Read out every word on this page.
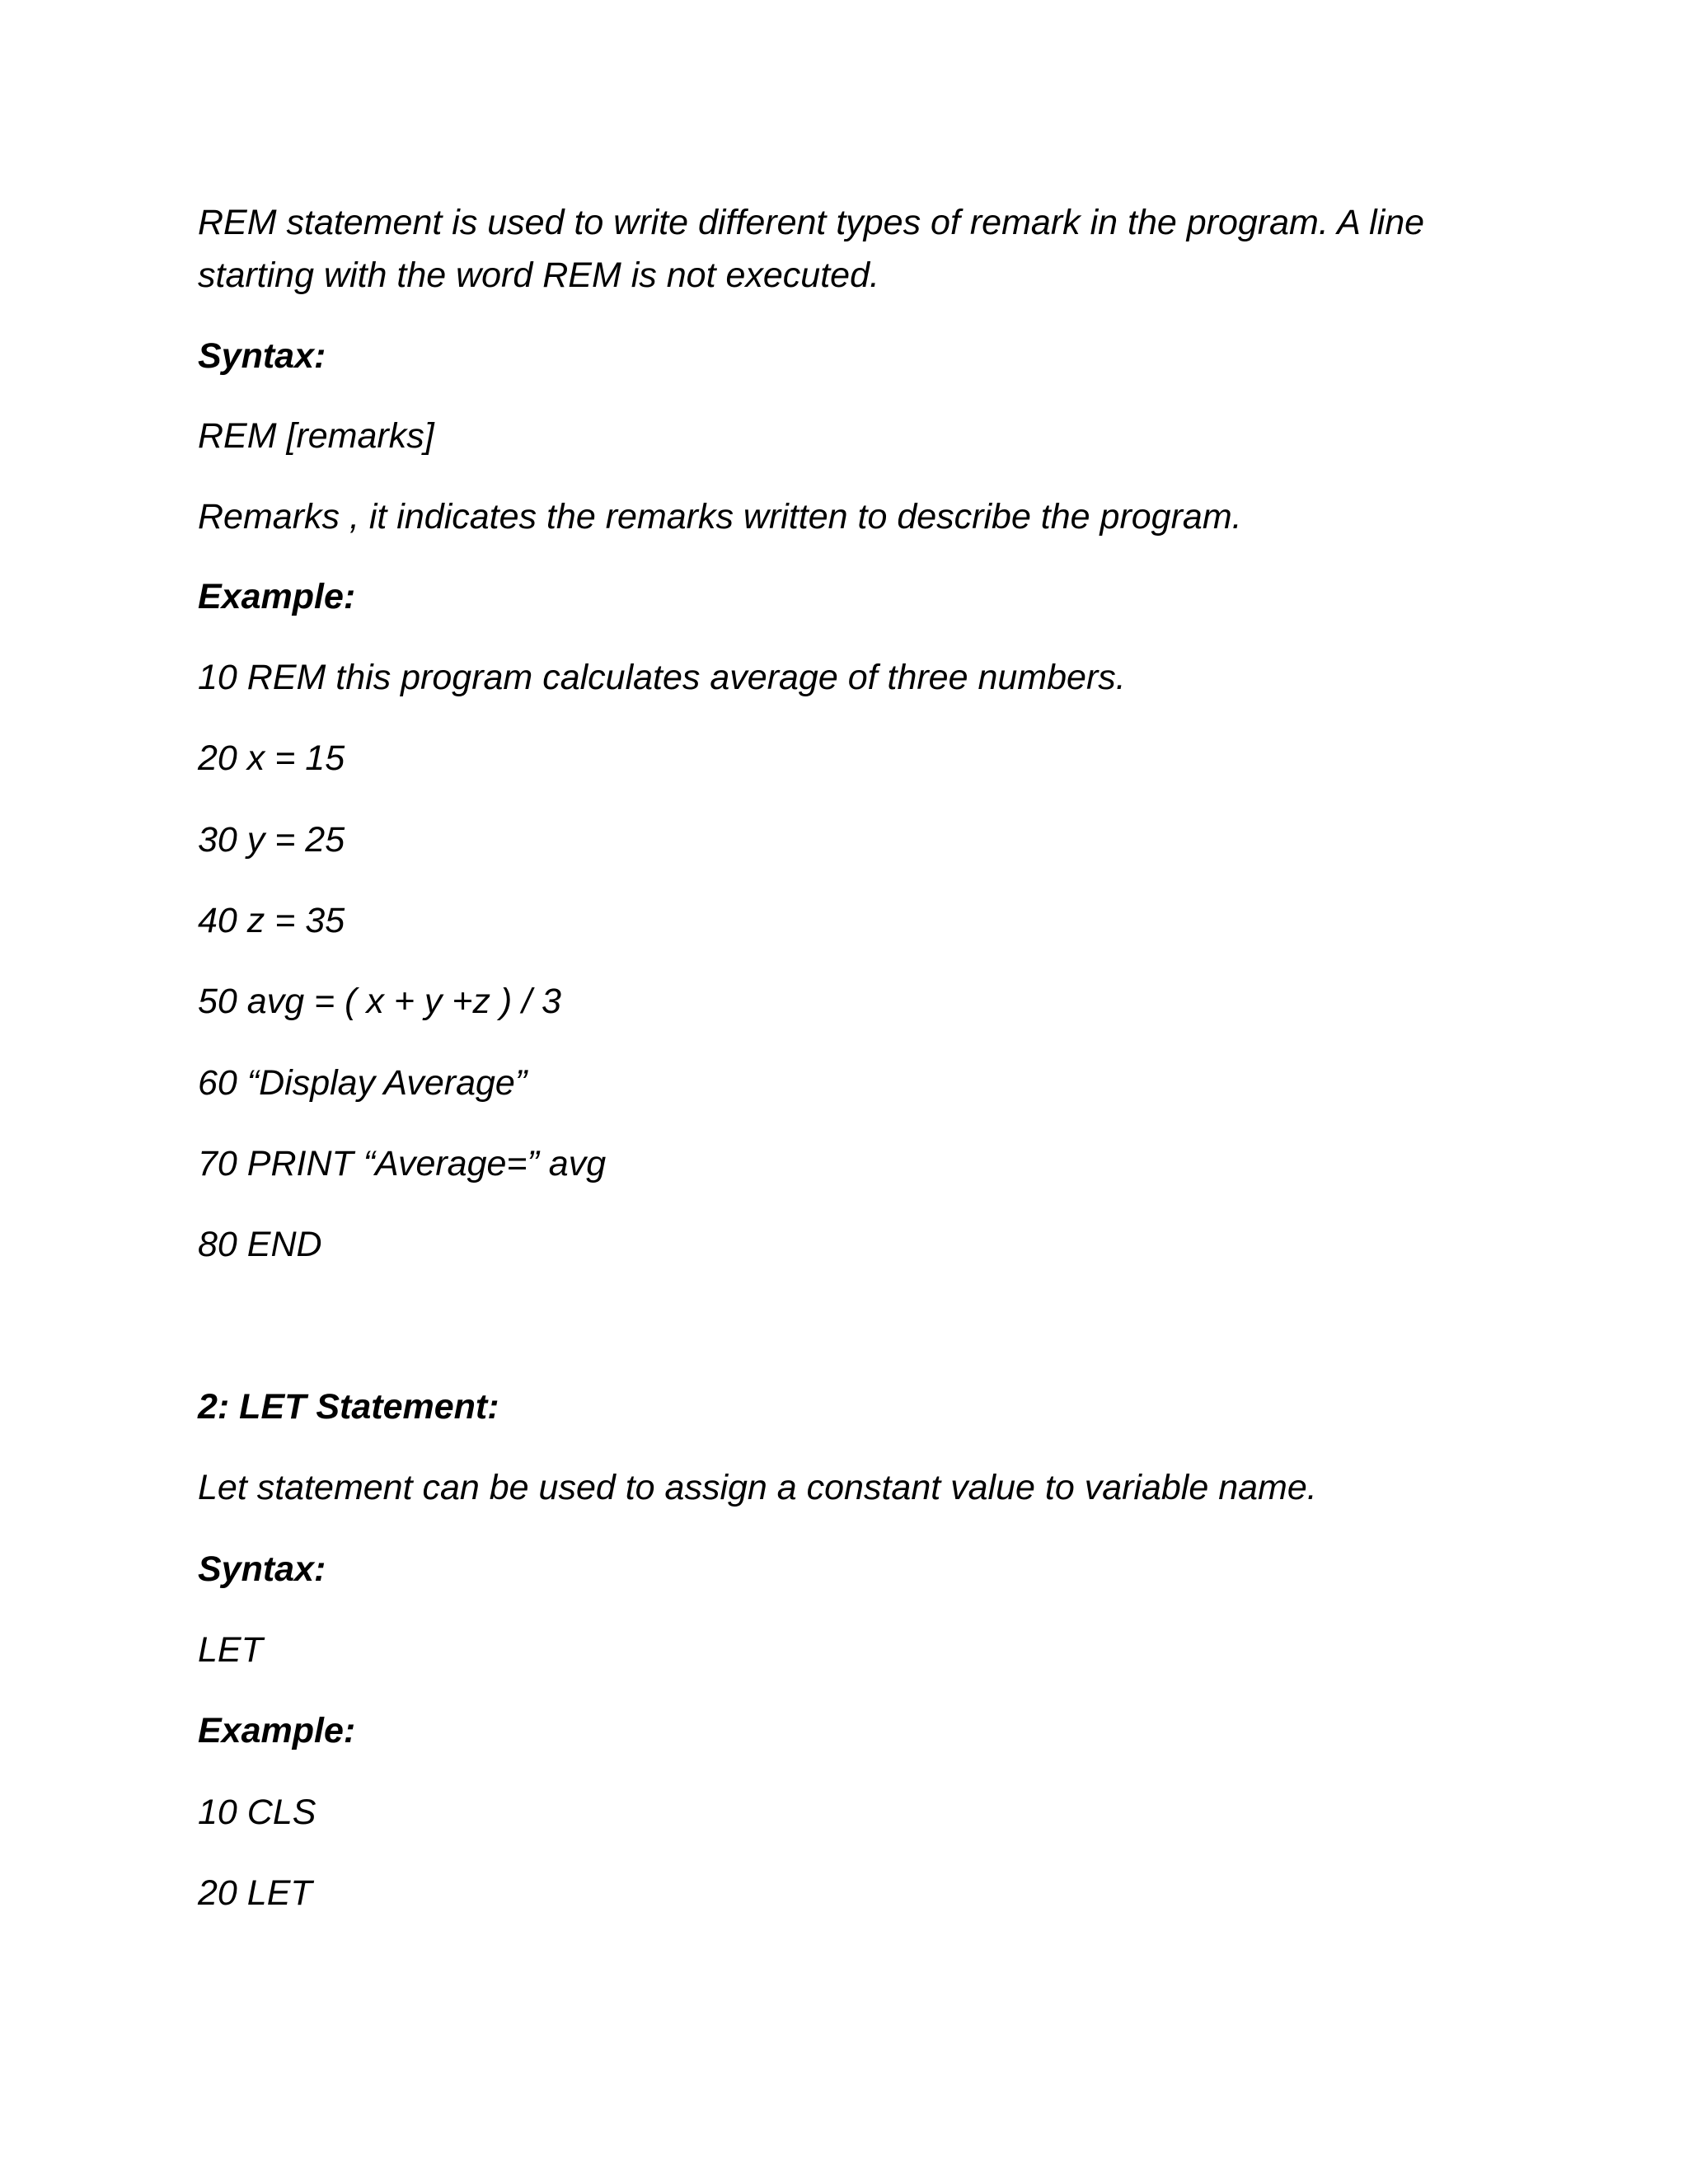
REM statement is used to write different types of remark in the program. A line

starting with the word REM is not executed.

Syntax:

REM [remarks]

Remarks , it indicates the remarks written to describe the program.

Example:

10 REM this program calculates average of three numbers.

20 x = 15

30 y = 25

40 z = 35

50 avg = ( x + y +z ) / 3

60 “Display Average”

70 PRINT “Average=” avg

80 END

2: LET Statement:

Let statement can be used to assign a constant value to variable name.

Syntax:

LET

Example:

10 CLS

20 LET
